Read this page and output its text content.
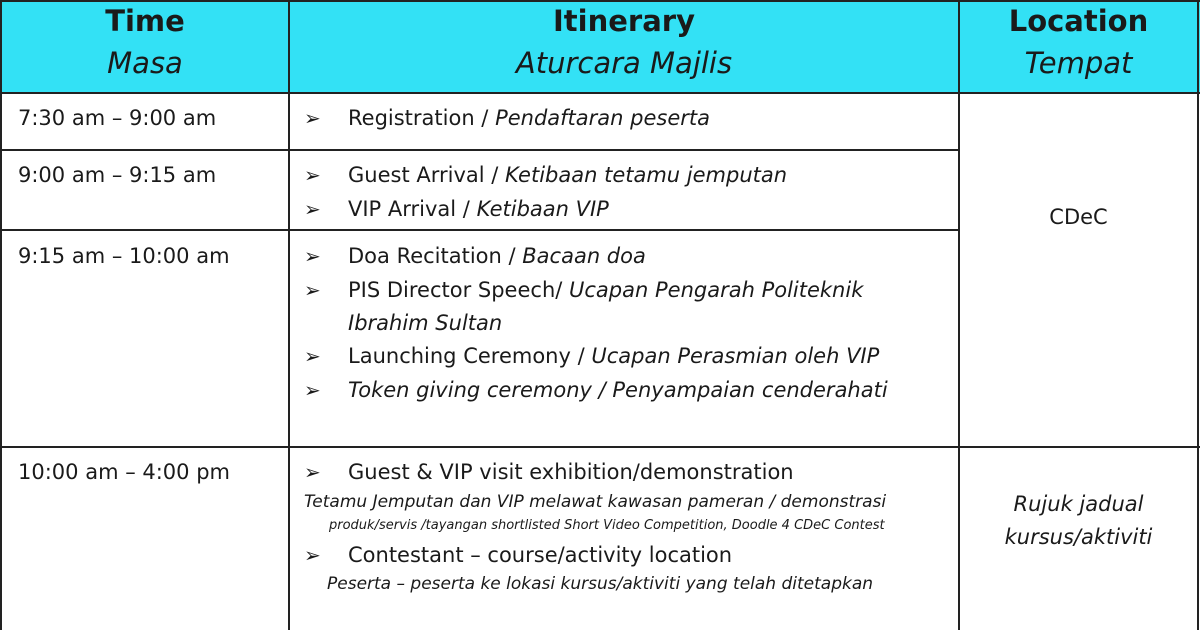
Time
Masa
Itinerary
Aturcara Majlis
Location
Tempat
7:30 am – 9:00 am
9:00 am – 9:15 am
9:15 am – 10:00 am
10:00 am – 4:00 pm
➢ Registration / Pendaftaran peserta
➢ Guest Arrival / Ketibaan tetamu jemputan
➢ VIP Arrival / Ketibaan VIP
➢ Doa Recitation / Bacaan doa
➢ PIS Director Speech/ Ucapan Pengarah Politeknik
Ibrahim Sultan
➢ Launching Ceremony / Ucapan Perasmian oleh VIP
➢ Token giving ceremony / Penyampaian cenderahati
➢ Guest & VIP visit exhibition/demonstration
Tetamu Jemputan dan VIP melawat kawasan pameran / demonstrasi
produk/servis /tayangan shortlisted Short Video Competition, Doodle 4 CDeC Contest
➢ Contestant – course/activity location
Peserta – peserta ke lokasi kursus/aktiviti yang telah ditetapkan
CDeC
Rujuk jadual
kursus/aktiviti
